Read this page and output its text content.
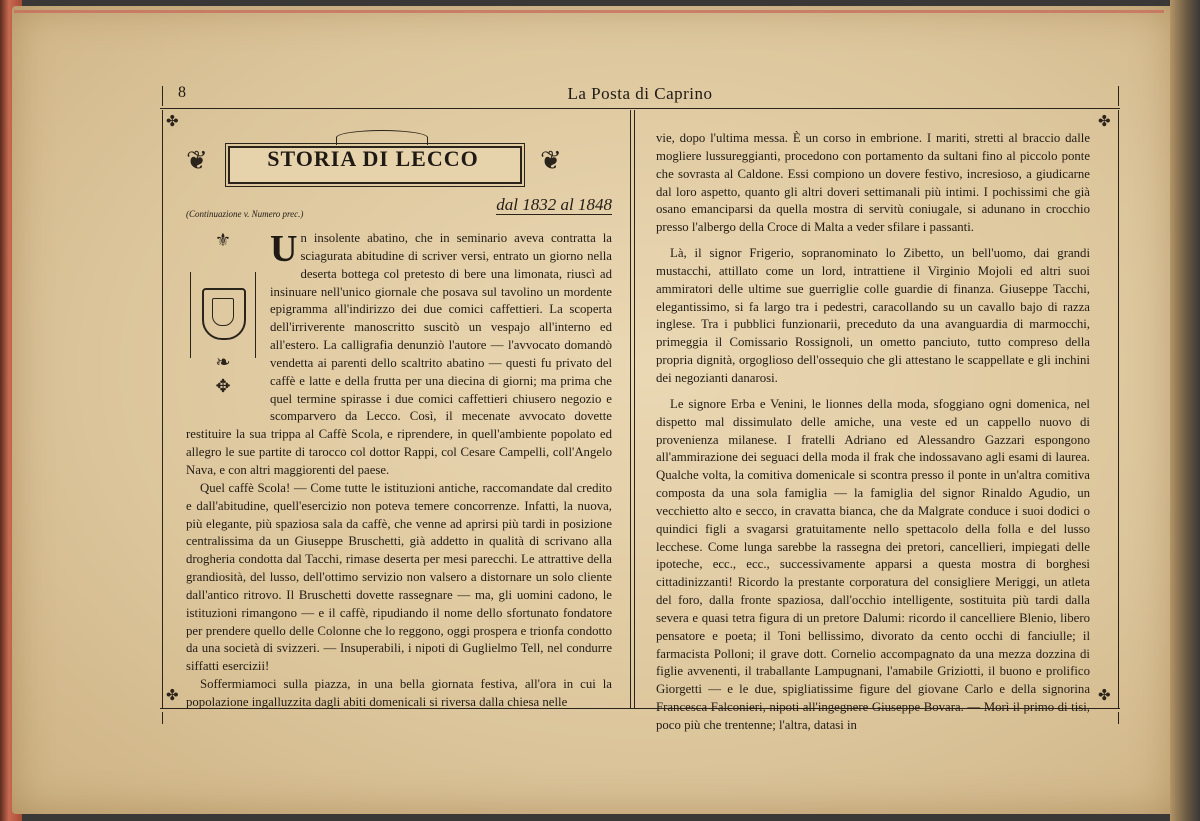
8	La Posta di Caprino
✤	✤
✤	✤
❦	STORIA DI LECCO	❦
(Continuazione v. Numero prec.)	dal 1832 al 1848
⚜
❧
✥

Un insolente abatino, che in seminario aveva contratta la sciagurata abitudine di scriver versi, entrato un giorno nella deserta bottega col pretesto di bere una limonata, riuscì ad insinuare nell'unico giornale che posava sul tavolino un mordente epigramma all'indirizzo dei due comici caffettieri. La scoperta dell'irriverente manoscritto suscitò un vespajo all'interno ed all'estero. La calligrafia denunziò l'autore — l'avvocato domandò vendetta ai parenti dello scaltrito abatino — questi fu privato del caffè e latte e della frutta per una diecina di giorni; ma prima che quel termine spirasse i due comici caffettieri chiusero negozio e scomparvero da Lecco. Così, il mecenate avvocato dovette restituire la sua trippa al Caffè Scola, e riprendere, in quell'ambiente popolato ed allegro le sue partite di tarocco col dottor Rappi, col Cesare Campelli, coll'Angelo Nava, e con altri maggiorenti del paese.

Quel caffè Scola! — Come tutte le istituzioni antiche, raccomandate dal credito e dall'abitudine, quell'esercizio non poteva temere concorrenze. Infatti, la nuova, più elegante, più spaziosa sala da caffè, che venne ad aprirsi più tardi in posizione centralissima da un Giuseppe Bruschetti, già addetto in qualità di scrivano alla drogheria condotta dal Tacchi, rimase deserta per mesi parecchi. Le attrattive della grandiosità, del lusso, dell'ottimo servizio non valsero a distornare un solo cliente dall'antico ritrovo. Il Bruschetti dovette rassegnare — ma, gli uomini cadono, le istituzioni rimangono — e il caffè, ripudiando il nome dello sfortunato fondatore per prendere quello delle Colonne che lo reggono, oggi prospera e trionfa condotto da una società di svizzeri. — Insuperabili, i nipoti di Guglielmo Tell, nel condurre siffatti esercizii!

Soffermiamoci sulla piazza, in una bella giornata festiva, all'ora in cui la popolazione ingalluzzita dagli abiti domenicali si riversa dalla chiesa nelle

vie, dopo l'ultima messa. È un corso in embrione. I mariti, stretti al braccio dalle mogliere lussureggianti, procedono con portamento da sultani fino al piccolo ponte che sovrasta al Caldone. Essi compiono un dovere festivo, incresioso, a giudicarne dal loro aspetto, quanto gli altri doveri settimanali più intimi. I pochissimi che già osano emanciparsi da quella mostra di servitù coniugale, si adunano in crocchio presso l'albergo della Croce di Malta a veder sfilare i passanti.

Là, il signor Frigerio, sopranominato lo Zibetto, un bell'uomo, dai grandi mustacchi, attillato come un lord, intrattiene il Virginio Mojoli ed altri suoi ammiratori delle ultime sue guerriglie colle guardie di finanza. Giuseppe Tacchi, elegantissimo, si fa largo tra i pedestri, caracollando su un cavallo bajo di razza inglese. Tra i pubblici funzionarii, preceduto da una avanguardia di marmocchi, primeggia il Comissario Rossignoli, un ometto panciuto, tutto compreso della propria dignità, orgoglioso dell'ossequio che gli attestano le scappellate e gli inchini dei negozianti danarosi.

Le signore Erba e Venini, le lionnes della moda, sfoggiano ogni domenica, nel dispetto mal dissimulato delle amiche, una veste ed un cappello nuovo di provenienza milanese. I fratelli Adriano ed Alessandro Gazzari espongono all'ammirazione dei seguaci della moda il frak che indossavano agli esami di laurea. Qualche volta, la comitiva domenicale si scontra presso il ponte in un'altra comitiva composta da una sola famiglia — la famiglia del signor Rinaldo Agudio, un vecchietto alto e secco, in cravatta bianca, che da Malgrate conduce i suoi dodici o quindici figli a svagarsi gratuitamente nello spettacolo della folla e del lusso lecchese. Come lunga sarebbe la rassegna dei pretori, cancellieri, impiegati delle ipoteche, ecc., ecc., successivamente apparsi a questa mostra di borghesi cittadinizzanti! Ricordo la prestante corporatura del consigliere Meriggi, un atleta del foro, dalla fronte spaziosa, dall'occhio intelligente, sostituita più tardi dalla severa e quasi tetra figura di un pretore Dalumi: ricordo il cancelliere Blenio, libero pensatore e poeta; il Toni bellissimo, divorato da cento occhi di fanciulle; il farmacista Polloni; il grave dott. Cornelio accompagnato da una mezza dozzina di figlie avvenenti, il traballante Lampugnani, l'amabile Griziotti, il buono e prolifico Giorgetti — e le due, spigliatissime figure del giovane Carlo e della signorina Francesca Falconieri, nipoti all'ingegnere Giuseppe Bovara. — Morì il primo di tisi, poco più che trentenne; l'altra, datasi in
